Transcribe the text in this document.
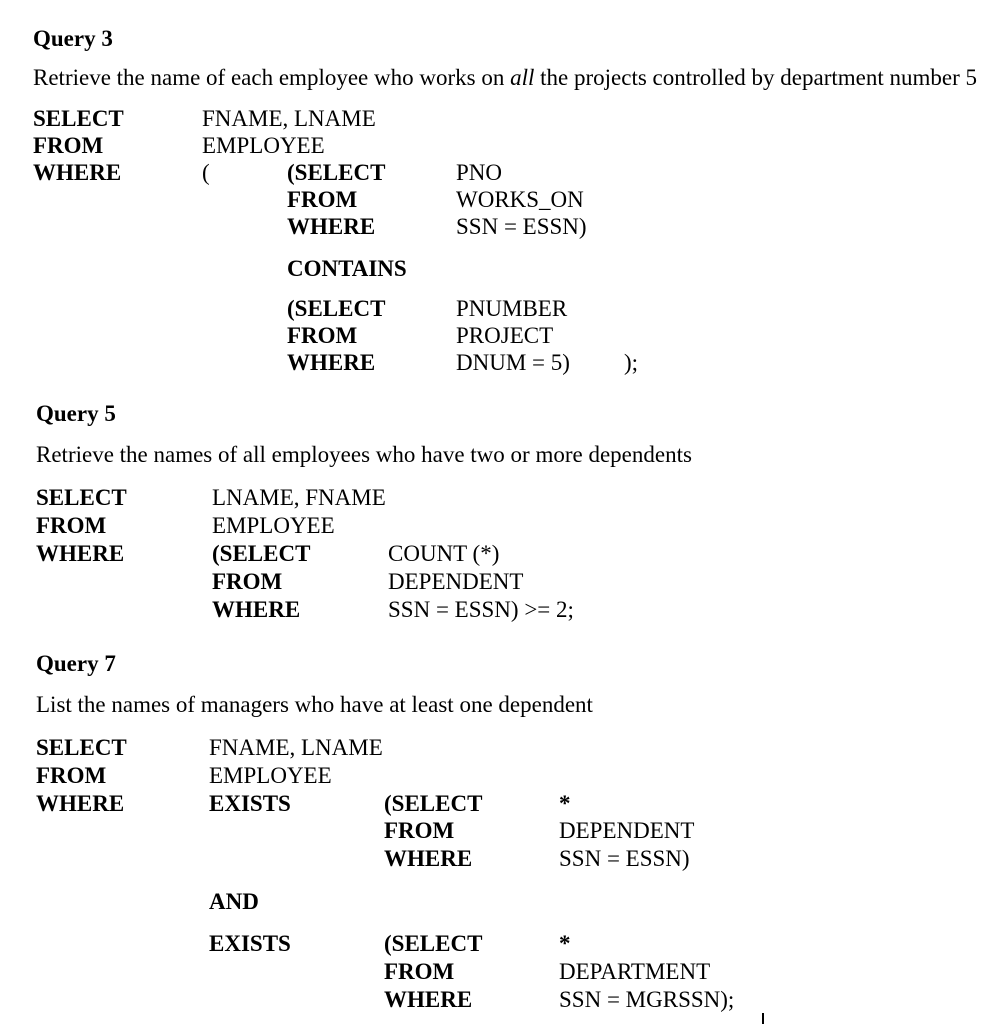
Query 3
Retrieve the name of each employee who works on all the projects controlled by department number 5
SELECT	FNAME, LNAME
FROM	EMPLOYEE
WHERE	(	(SELECT	PNO
FROM	WORKS_ON
WHERE	SSN = ESSN)
CONTAINS
(SELECT	PNUMBER
FROM	PROJECT
WHERE	DNUM = 5) );
Query 5
Retrieve the names of all employees who have two or more dependents
SELECT	LNAME, FNAME
FROM	EMPLOYEE
WHERE	(SELECT	COUNT (*)
FROM	DEPENDENT
WHERE	SSN = ESSN) >= 2;
Query 7
List the names of managers who have at least one dependent
SELECT	FNAME, LNAME
FROM	EMPLOYEE
WHERE	EXISTS	(SELECT	*
FROM	DEPENDENT
WHERE	SSN = ESSN)
AND
EXISTS	(SELECT	*
FROM	DEPARTMENT
WHERE	SSN = MGRSSN);
